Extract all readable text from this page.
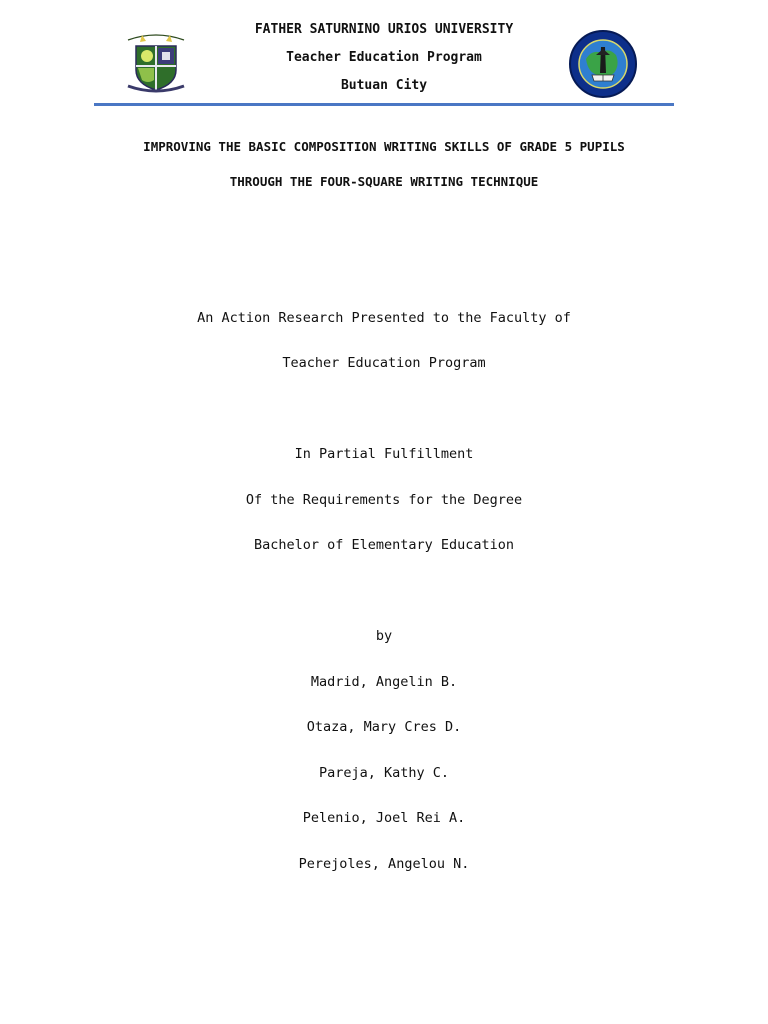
FATHER SATURNINO URIOS UNIVERSITY
Teacher Education Program
Butuan City
IMPROVING THE BASIC COMPOSITION WRITING SKILLS OF GRADE 5 PUPILS
THROUGH THE FOUR-SQUARE WRITING TECHNIQUE
An Action Research Presented to the Faculty of
Teacher Education Program
In Partial Fulfillment
Of the Requirements for the Degree
Bachelor of Elementary Education
by
Madrid, Angelin B.
Otaza, Mary Cres D.
Pareja, Kathy C.
Pelenio, Joel Rei A.
Perejoles, Angelou N.
